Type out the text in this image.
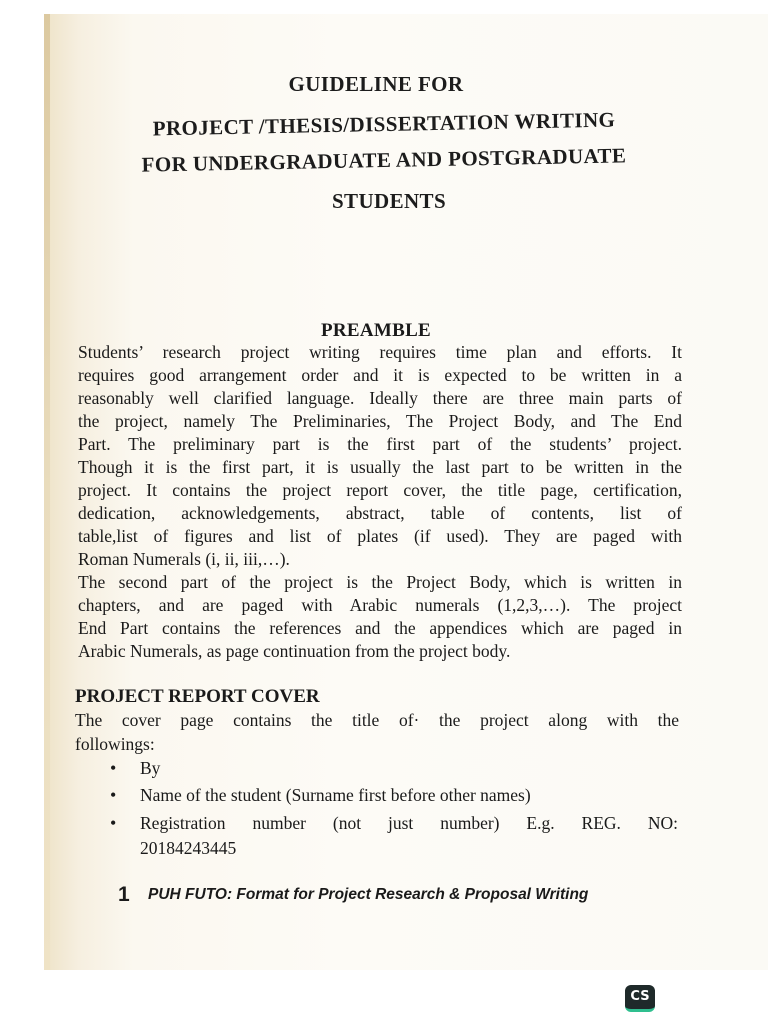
GUIDELINE FOR
PROJECT /THESIS/DISSERTATION WRITING
FOR UNDERGRADUATE AND POSTGRADUATE
STUDENTS
PREAMBLE
Students’ research project writing requires time plan and efforts. It
requires good arrangement order and it is expected to be written in a
reasonably well clarified language. Ideally there are three main parts of
the project, namely The Preliminaries, The Project Body, and The End
Part. The preliminary part is the first part of the students’ project.
Though it is the first part, it is usually the last part to be written in the
project. It contains the project report cover, the title page, certification,
dedication, acknowledgements, abstract, table of contents, list of
table,list of figures and list of plates (if used). They are paged with
Roman Numerals (i, ii, iii,…).
The second part of the project is the Project Body, which is written in
chapters, and are paged with Arabic numerals (1,2,3,…). The project
End Part contains the references and the appendices which are paged in
Arabic Numerals, as page continuation from the project body.
PROJECT REPORT COVER
The cover page contains the title of· the project along with the
followings:
• By
• Name of the student (Surname first before other names)
• Registration number (not just number) E.g. REG. NO:
20184243445
1 PUH FUTO: Format for Project Research & Proposal Writing
CS
